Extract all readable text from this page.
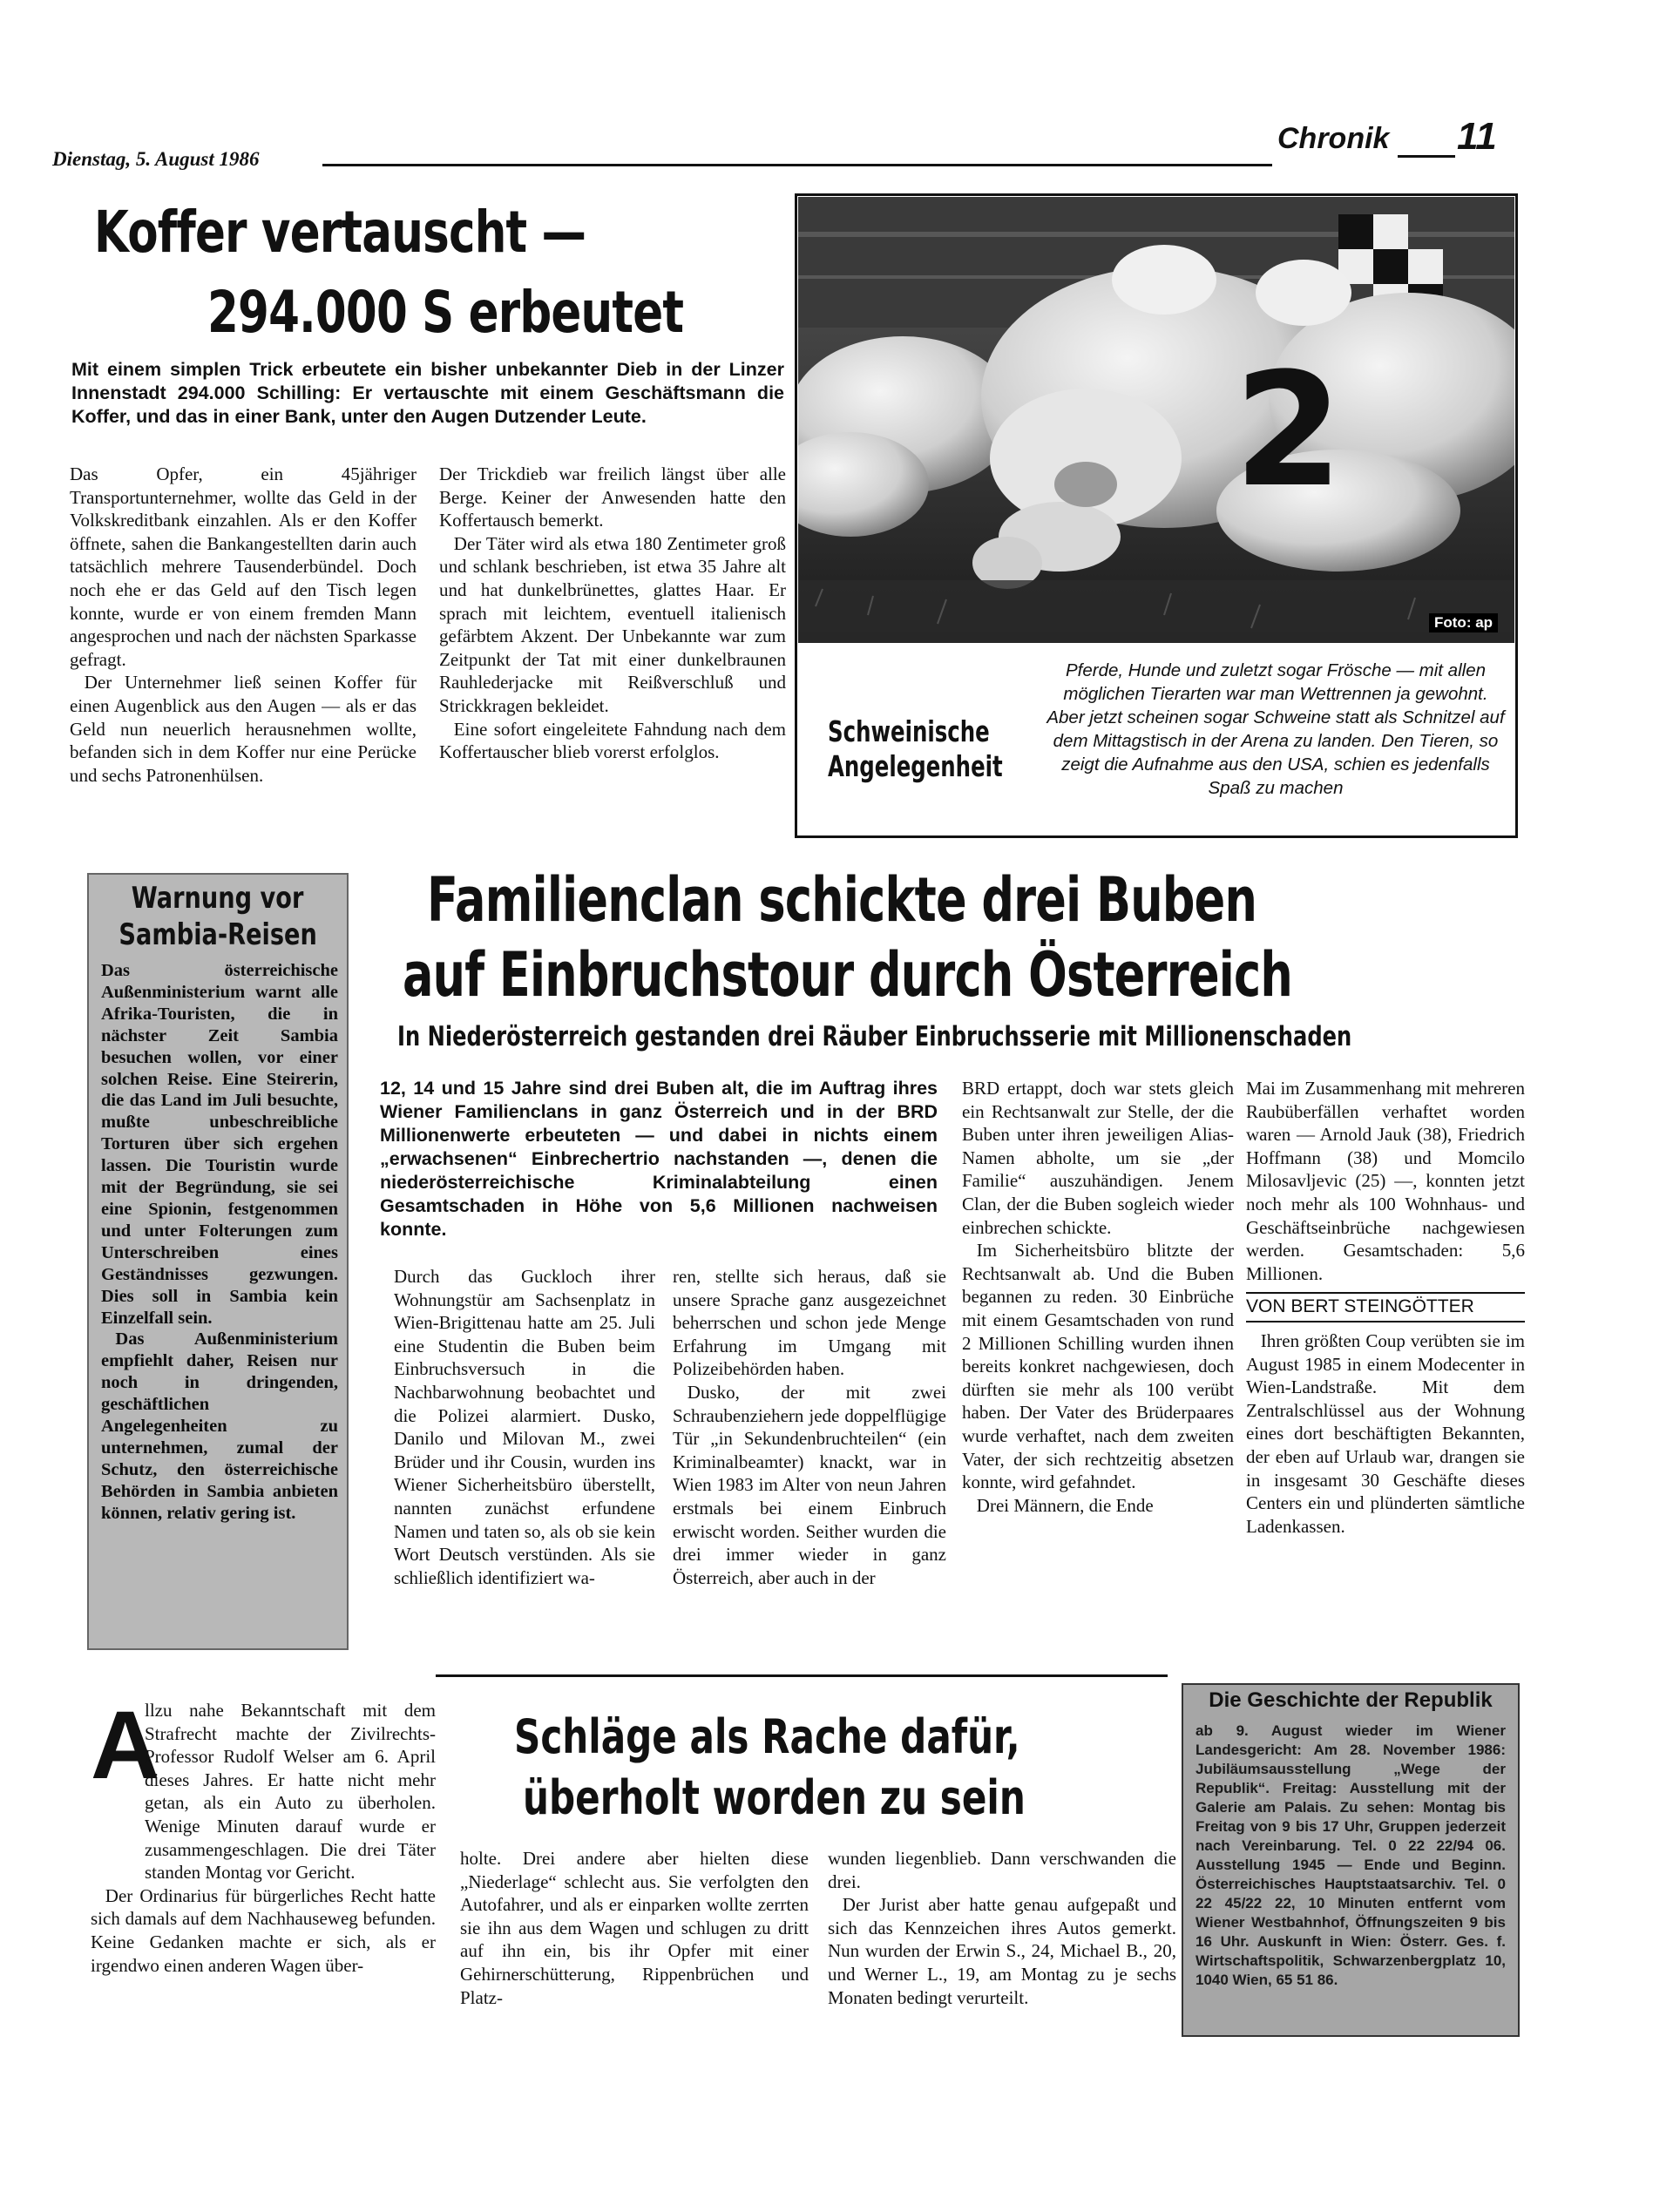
Dienstag, 5. August 1986
Chronik 11
Koffer vertauscht —
294.000 S erbeutet
Mit einem simplen Trick erbeutete ein bisher unbekannter Dieb in der Linzer Innenstadt 294.000 Schilling: Er vertauschte mit einem Geschäftsmann die Koffer, und das in einer Bank, unter den Augen Dutzender Leute.

Das Opfer, ein 45jähriger Transportunternehmer, wollte das Geld in der Volkskreditbank einzahlen. Als er den Koffer öffnete, sahen die Bankangestellten darin auch tatsächlich mehrere Tausenderbündel. Doch noch ehe er das Geld auf den Tisch legen konnte, wurde er von einem fremden Mann angesprochen und nach der nächsten Sparkasse gefragt.

Der Unternehmer ließ seinen Koffer für einen Augenblick aus den Augen — als er das Geld nun neuerlich herausnehmen wollte, befanden sich in dem Koffer nur eine Perücke und sechs Patronenhülsen.

Der Trickdieb war freilich längst über alle Berge. Keiner der Anwesenden hatte den Koffertausch bemerkt.

Der Täter wird als etwa 180 Zentimeter groß und schlank beschrieben, ist etwa 35 Jahre alt und hat dunkelbrünettes, glattes Haar. Er sprach mit leichtem, eventuell italienisch gefärbtem Akzent. Der Unbekannte war zum Zeitpunkt der Tat mit einer dunkelbraunen Rauhlederjacke mit Reißverschluß und Strickkragen bekleidet.

Eine sofort eingeleitete Fahndung nach dem Koffertauscher blieb vorerst erfolglos.

2
Foto: ap
Schweinische
Angelegenheit
Pferde, Hunde und zuletzt sogar Frösche — mit allen möglichen Tierarten war man Wettrennen ja gewohnt. Aber jetzt scheinen sogar Schweine statt als Schnitzel auf dem Mittagstisch in der Arena zu landen. Den Tieren, so zeigt die Aufnahme aus den USA, schien es jedenfalls Spaß zu machen
Warnung vor
Sambia-Reisen

Das österreichische Außenministerium warnt alle Afrika-Touristen, die in nächster Zeit Sambia besuchen wollen, vor einer solchen Reise. Eine Steirerin, die das Land im Juli besuchte, mußte unbeschreibliche Torturen über sich ergehen lassen. Die Touristin wurde mit der Begründung, sie sei eine Spionin, festgenommen und unter Folterungen zum Unterschreiben eines Geständnisses gezwungen. Dies soll in Sambia kein Einzelfall sein.

Das Außenministerium empfiehlt daher, Reisen nur noch in dringenden, geschäftlichen Angelegenheiten zu unternehmen, zumal der Schutz, den österreichische Behörden in Sambia anbieten können, relativ gering ist.

Familienclan schickte drei Buben
auf Einbruchstour durch Österreich
In Niederösterreich gestanden drei Räuber Einbruchsserie mit Millionenschaden
12, 14 und 15 Jahre sind drei Buben alt, die im Auftrag ihres Wiener Familienclans in ganz Österreich und in der BRD Millionenwerte erbeuteten — und dabei in nichts einem „erwachsenen“ Einbrechertrio nachstanden —, denen die niederösterreichische Kriminalabteilung einen Gesamtschaden in Höhe von 5,6 Millionen nachweisen konnte.

Durch das Guckloch ihrer Wohnungstür am Sachsenplatz in Wien-Brigittenau hatte am 25. Juli eine Studentin die Buben beim Einbruchsversuch in die Nachbarwohnung beobachtet und die Polizei alarmiert. Dusko, Danilo und Milovan M., zwei Brüder und ihr Cousin, wurden ins Wiener Sicherheitsbüro überstellt, nannten zunächst erfundene Namen und taten so, als ob sie kein Wort Deutsch verstünden. Als sie schließlich identifiziert wa-

ren, stellte sich heraus, daß sie unsere Sprache ganz ausgezeichnet beherrschen und schon jede Menge Erfahrung im Umgang mit Polizeibehörden haben.

Dusko, der mit zwei Schraubenziehern jede doppelflügige Tür „in Sekundenbruchteilen“ (ein Kriminalbeamter) knackt, war in Wien 1983 im Alter von neun Jahren erstmals bei einem Einbruch erwischt worden. Seither wurden die drei immer wieder in ganz Österreich, aber auch in der

BRD ertappt, doch war stets gleich ein Rechtsanwalt zur Stelle, der die Buben unter ihren jeweiligen Alias-Namen abholte, um sie „der Familie“ auszuhändigen. Jenem Clan, der die Buben sogleich wieder einbrechen schickte.

Im Sicherheitsbüro blitzte der Rechtsanwalt ab. Und die Buben begannen zu reden. 30 Einbrüche mit einem Gesamtschaden von rund 2 Millionen Schilling wurden ihnen bereits konkret nachgewiesen, doch dürften sie mehr als 100 verübt haben. Der Vater des Brüderpaares wurde verhaftet, nach dem zweiten Vater, der sich rechtzeitig absetzen konnte, wird gefahndet.

Drei Männern, die Ende

Mai im Zusammenhang mit mehreren Raubüberfällen verhaftet worden waren — Arnold Jauk (38), Friedrich Hoffmann (38) und Momcilo Milosavljevic (25) —, konnten jetzt noch mehr als 100 Wohnhaus- und Geschäftseinbrüche nachgewiesen werden. Gesamtschaden: 5,6 Millionen.

VON BERT STEINGÖTTER

Ihren größten Coup verübten sie im August 1985 in einem Modecenter in Wien-Landstraße. Mit dem Zentralschlüssel aus der Wohnung eines dort beschäftigten Bekannten, der eben auf Urlaub war, drangen sie in insgesamt 30 Geschäfte dieses Centers ein und plünderten sämtliche Ladenkassen.

A

llzu nahe Bekanntschaft mit dem Strafrecht machte der Zivilrechts-Professor Rudolf Welser am 6. April dieses Jahres. Er hatte nicht mehr getan, als ein Auto zu überholen. Wenige Minuten darauf wurde er zusammengeschlagen. Die drei Täter standen Montag vor Gericht.

Der Ordinarius für bürgerliches Recht hatte sich damals auf dem Nachhauseweg befunden. Keine Gedanken machte er sich, als er irgendwo einen anderen Wagen über-

Schläge als Rache dafür,
überholt worden zu sein

holte. Drei andere aber hielten diese „Niederlage“ schlecht aus. Sie verfolgten den Autofahrer, und als er einparken wollte zerrten sie ihn aus dem Wagen und schlugen zu dritt auf ihn ein, bis ihr Opfer mit einer Gehirnerschütterung, Rippenbrüchen und Platz-

wunden liegenblieb. Dann verschwanden die drei.

Der Jurist aber hatte genau aufgepaßt und sich das Kennzeichen ihres Autos gemerkt. Nun wurden der Erwin S., 24, Michael B., 20, und Werner L., 19, am Montag zu je sechs Monaten bedingt verurteilt.

Die Geschichte der Republik
ab 9. August wieder im Wiener Landesgericht: Am 28. November 1986: Jubiläumsausstellung „Wege der Republik“. Freitag: Ausstellung mit der Galerie am Palais. Zu sehen: Montag bis Freitag von 9 bis 17 Uhr, Gruppen jederzeit nach Vereinbarung. Tel. 0 22 22/94 06. Ausstellung 1945 — Ende und Beginn. Österreichisches Hauptstaatsarchiv. Tel. 0 22 45/22 22, 10 Minuten entfernt vom Wiener Westbahnhof, Öffnungszeiten 9 bis 16 Uhr. Auskunft in Wien: Österr. Ges. f. Wirtschaftspolitik, Schwarzenbergplatz 10, 1040 Wien, 65 51 86.
